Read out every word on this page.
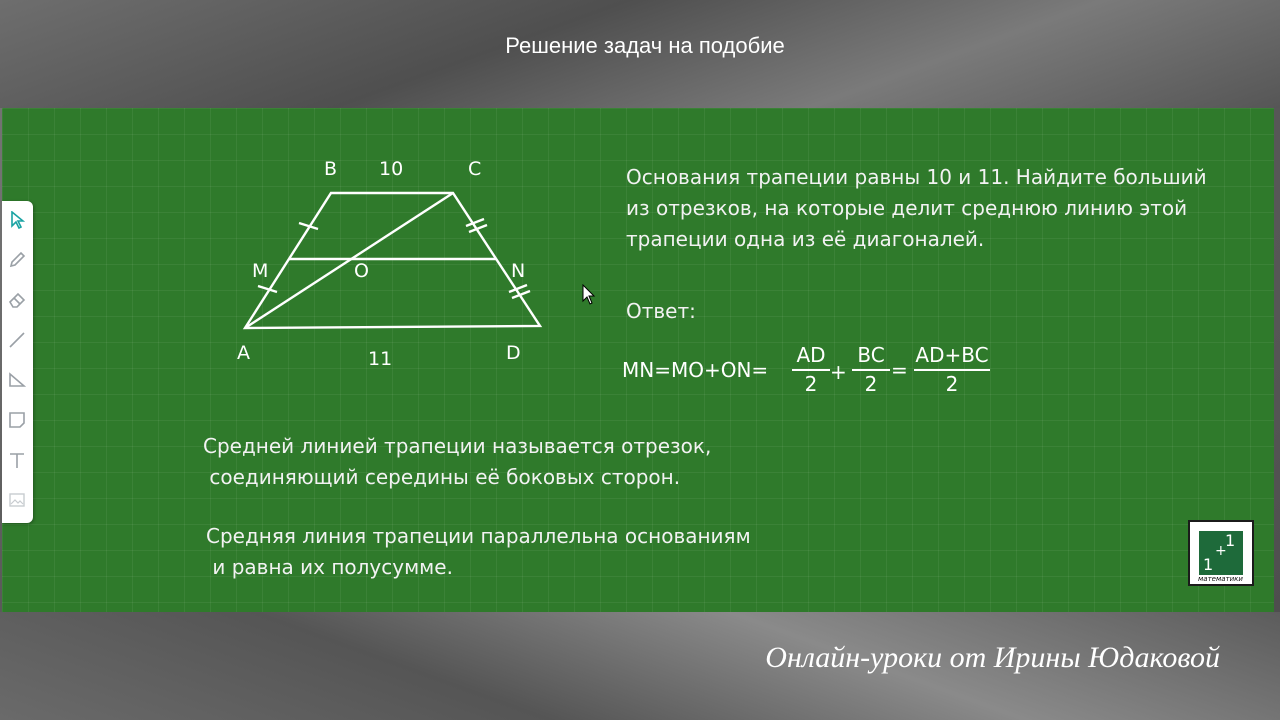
Решение задач на подобие
B 10	C
M	O	N
A	11	D
Основания трапеции равны 10 и 11. Найдите больший
из отрезков, на которые делит среднюю линию этой
трапеции одна из её диагоналей.
Ответ:
$MN=MO+ON= \frac{AD}{2} + \frac{BC}{2} = \frac{AD+BC}{2}$
Средней линией трапеции называется отрезок,
соединяющий середины её боковых сторон.
Средняя линия трапеции параллельна основаниям
и равна их полусумме.
1
+
1
математики
Онлайн-уроки от Ирины Юдаковой
